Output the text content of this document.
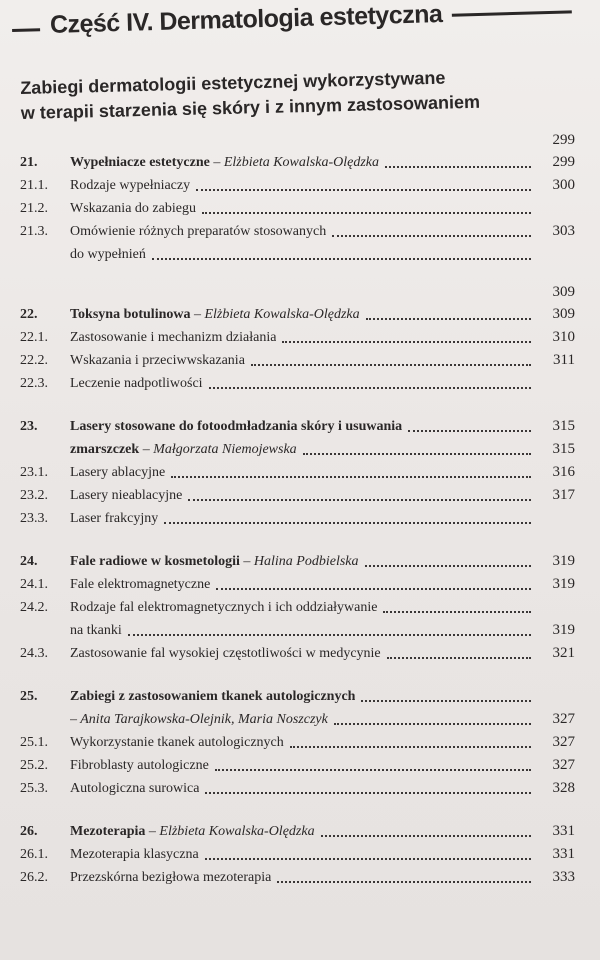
Część IV. Dermatologia estetyczna
Zabiegi dermatologii estetycznej wykorzystywane
w terapii starzenia się skóry i z innym zastosowaniem
299
21.	Wypełniacze estetyczne – Elżbieta Kowalska-Olędzka	299
21.1.	Rodzaje wypełniaczy	300
21.2.	Wskazania do zabiegu
21.3.	Omówienie różnych preparatów stosowanych	303
do wypełnień
309
22.	Toksyna botulinowa – Elżbieta Kowalska-Olędzka	309
22.1.	Zastosowanie i mechanizm działania	310
22.2.	Wskazania i przeciwwskazania	311
22.3.	Leczenie nadpotliwości
23.	Lasery stosowane do fotoodmładzania skóry i usuwania	315
zmarszczek – Małgorzata Niemojewska	315
23.1.	Lasery ablacyjne	316
23.2.	Lasery nieablacyjne	317
23.3.	Laser frakcyjny
24.	Fale radiowe w kosmetologii – Halina Podbielska	319
24.1.	Fale elektromagnetyczne	319
24.2.	Rodzaje fal elektromagnetycznych i ich oddziaływanie
na tkanki	319
24.3.	Zastosowanie fal wysokiej częstotliwości w medycynie	321
25.	Zabiegi z zastosowaniem tkanek autologicznych
– Anita Tarajkowska-Olejnik, Maria Noszczyk	327
25.1.	Wykorzystanie tkanek autologicznych	327
25.2.	Fibroblasty autologiczne	327
25.3.	Autologiczna surowica	328
26.	Mezoterapia – Elżbieta Kowalska-Olędzka	331
26.1.	Mezoterapia klasyczna	331
26.2.	Przezskórna bezigłowa mezoterapia	333
